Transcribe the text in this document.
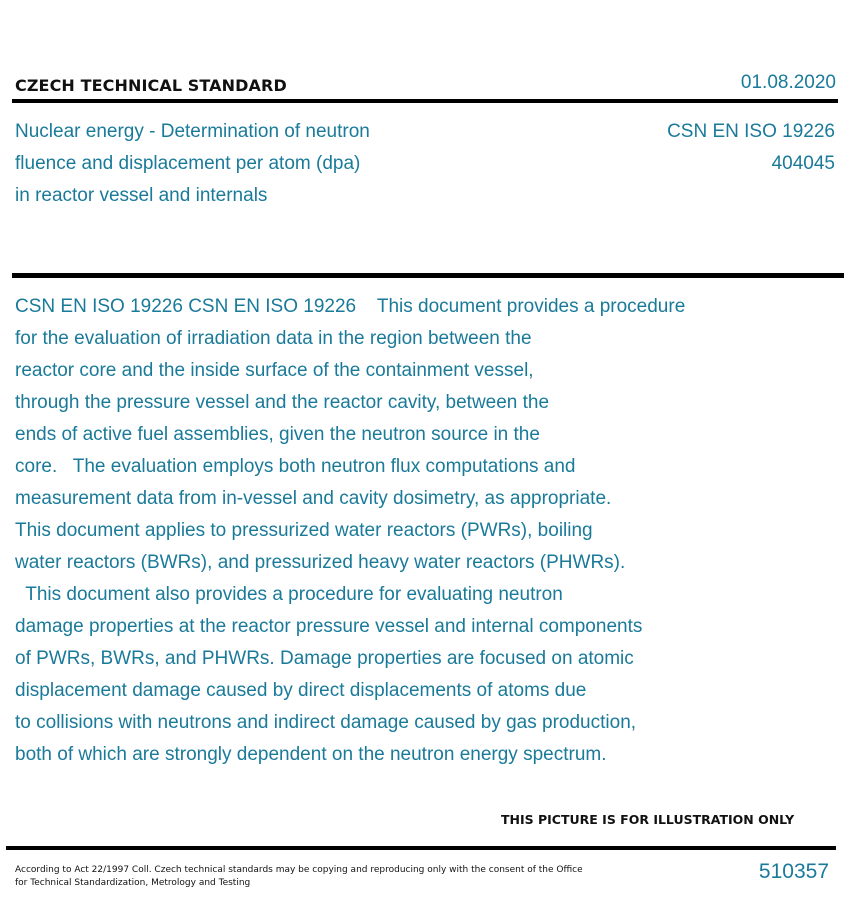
CZECH TECHNICAL STANDARD	01.08.2020
Nuclear energy - Determination of neutron
fluence and displacement per atom (dpa)
in reactor vessel and internals
CSN EN ISO 19226
404045
CSN EN ISO 19226 CSN EN ISO 19226    This document provides a procedure
for the evaluation of irradiation data in the region between the
reactor core and the inside surface of the containment vessel,
through the pressure vessel and the reactor cavity, between the
ends of active fuel assemblies, given the neutron source in the
core.   The evaluation employs both neutron flux computations and
measurement data from in-vessel and cavity dosimetry, as appropriate.
This document applies to pressurized water reactors (PWRs), boiling
water reactors (BWRs), and pressurized heavy water reactors (PHWRs).
This document also provides a procedure for evaluating neutron
damage properties at the reactor pressure vessel and internal components
of PWRs, BWRs, and PHWRs. Damage properties are focused on atomic
displacement damage caused by direct displacements of atoms due
to collisions with neutrons and indirect damage caused by gas production,
both of which are strongly dependent on the neutron energy spectrum.
THIS PICTURE IS FOR ILLUSTRATION ONLY
According to Act 22/1997 Coll. Czech technical standards may be copying and reproducing only with the consent of the Office
for Technical Standardization, Metrology and Testing	510357
